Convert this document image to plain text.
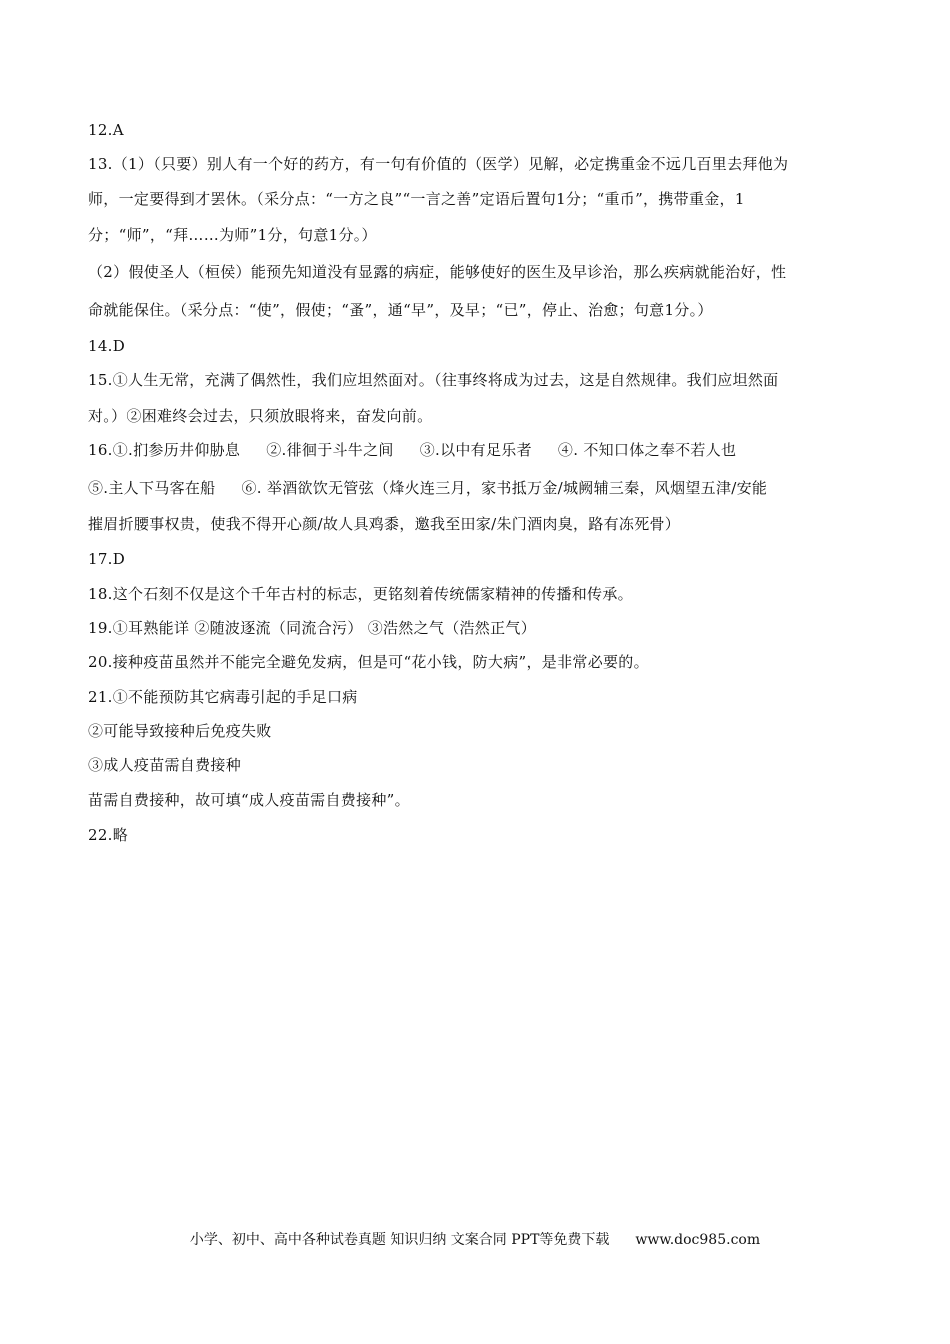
12.A
13.（1）（只要）别人有一个好的药方，有一句有价值的（医学）见解，必定携重金不远几百里去拜他为
师，一定要得到才罢休。（采分点：“一方之良”“一言之善”定语后置句1分；“重币”，携带重金，1
分；“师”，“拜……为师”1分，句意1分。）
（2）假使圣人（桓侯）能预先知道没有显露的病症，能够使好的医生及早诊治，那么疾病就能治好，性
命就能保住。（采分点：“使”，假使；“蚤”，通“早”，及早；“已”，停止、治愈；句意1分。）
14.D
15.①人生无常，充满了偶然性，我们应坦然面对。（往事终将成为过去，这是自然规律。我们应坦然面
对。）②困难终会过去，只须放眼将来，奋发向前。
16.①.扪参历井仰胁息 ②.徘徊于斗牛之间 ③.以中有足乐者 ④. 不知口体之奉不若人也
⑤.主人下马客在船 ⑥. 举酒欲饮无管弦（烽火连三月，家书抵万金/城阙辅三秦，风烟望五津/安能
摧眉折腰事权贵，使我不得开心颜/故人具鸡黍，邀我至田家/朱门酒肉臭，路有冻死骨）
17.D
18.这个石刻不仅是这个千年古村的标志，更铭刻着传统儒家精神的传播和传承。
19.①耳熟能详 ②随波逐流（同流合污） ③浩然之气（浩然正气）
20.接种疫苗虽然并不能完全避免发病，但是可“花小钱，防大病”，是非常必要的。
21.①不能预防其它病毒引起的手足口病
②可能导致接种后免疫失败
③成人疫苗需自费接种
苗需自费接种，故可填“成人疫苗需自费接种”。
22.略
小学、初中、高中各种试卷真题 知识归纳 文案合同 PPT等免费下载 www.doc985.com
